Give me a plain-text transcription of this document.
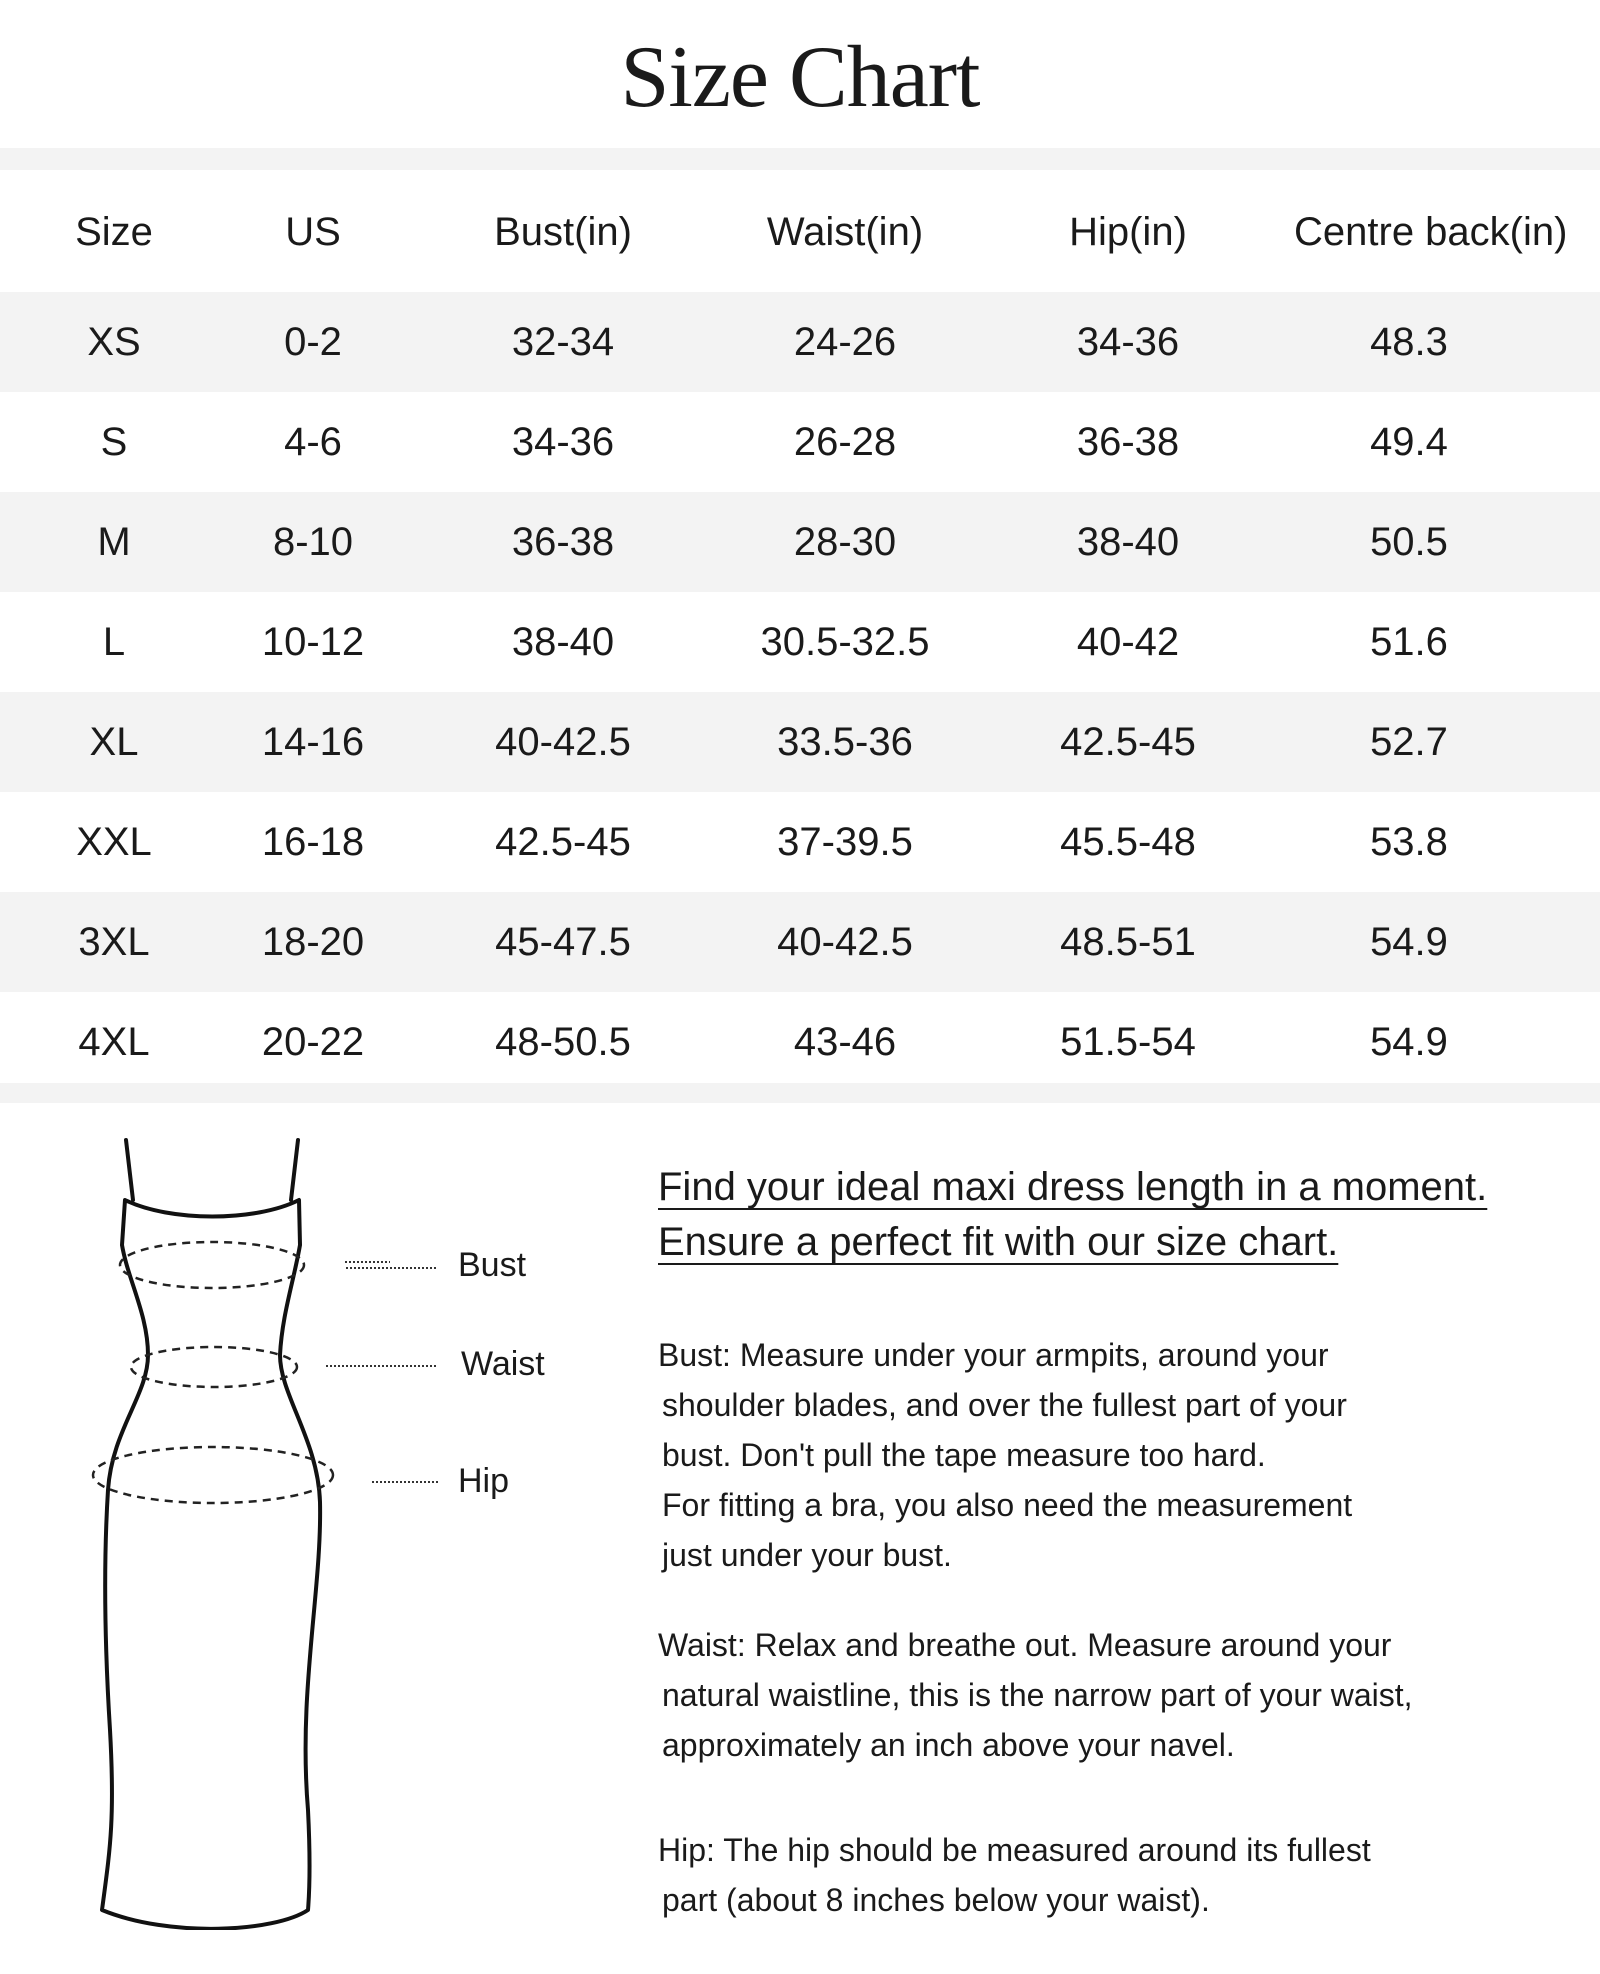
Size Chart
Size	US	Bust(in)	Waist(in)	Hip(in)	Centre back(in)
XS	0-2	32-34	24-26	34-36	48.3
S	4-6	34-36	26-28	36-38	49.4
M	8-10	36-38	28-30	38-40	50.5
L	10-12	38-40	30.5-32.5	40-42	51.6
XL	14-16	40-42.5	33.5-36	42.5-45	52.7
XXL	16-18	42.5-45	37-39.5	45.5-48	53.8
3XL	18-20	45-47.5	40-42.5	48.5-51	54.9
4XL	20-22	48-50.5	43-46	51.5-54	54.9
Bust
Waist
Hip
Find your ideal maxi dress length in a moment.
Ensure a perfect fit with our size chart.
Bust: Measure under your armpits, around your
shoulder blades, and over the fullest part of your
bust. Don't pull the tape measure too hard.
For fitting a bra, you also need the measurement
just under your bust.
Waist: Relax and breathe out. Measure around your
natural waistline, this is the narrow part of your waist,
approximately an inch above your navel.
Hip: The hip should be measured around its fullest
part (about 8 inches below your waist).
